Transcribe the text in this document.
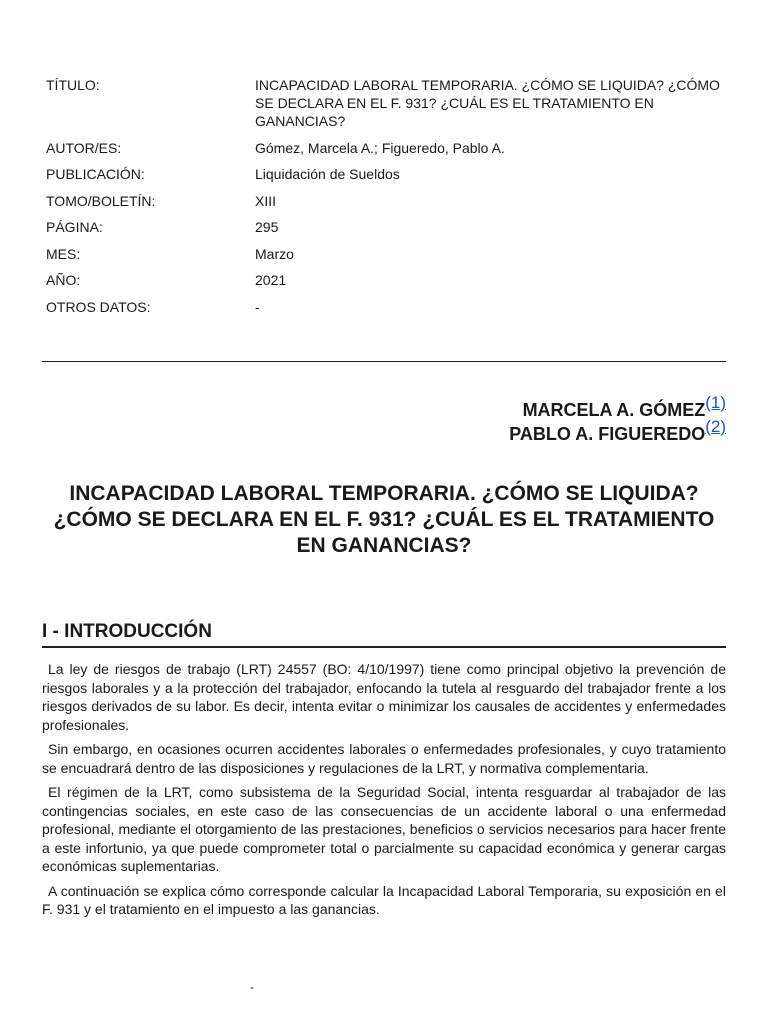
TÍTULO:	INCAPACIDAD LABORAL TEMPORARIA. ¿CÓMO SE LIQUIDA? ¿CÓMO SE DECLARA EN EL F. 931? ¿CUÁL ES EL TRATAMIENTO EN GANANCIAS?
AUTOR/ES:	Gómez, Marcela A.; Figueredo, Pablo A.
PUBLICACIÓN:	Liquidación de Sueldos
TOMO/BOLETÍN:	XIII
PÁGINA:	295
MES:	Marzo
AÑO:	2021
OTROS DATOS:	-
MARCELA A. GÓMEZ$^{(1)}$
PABLO A. FIGUEREDO$^{(2)}$
INCAPACIDAD LABORAL TEMPORARIA. ¿CÓMO SE LIQUIDA? ¿CÓMO SE DECLARA EN EL F. 931? ¿CUÁL ES EL TRATAMIENTO EN GANANCIAS?
I - INTRODUCCIÓN

La ley de riesgos de trabajo (LRT) 24557 (BO: 4/10/1997) tiene como principal objetivo la prevención de riesgos laborales y a la protección del trabajador, enfocando la tutela al resguardo del trabajador frente a los riesgos derivados de su labor. Es decir, intenta evitar o minimizar los causales de accidentes y enfermedades profesionales.

Sin embargo, en ocasiones ocurren accidentes laborales o enfermedades profesionales, y cuyo tratamiento se encuadrará dentro de las disposiciones y regulaciones de la LRT, y normativa complementaria.

El régimen de la LRT, como subsistema de la Seguridad Social, intenta resguardar al trabajador de las contingencias sociales, en este caso de las consecuencias de un accidente laboral o una enfermedad profesional, mediante el otorgamiento de las prestaciones, beneficios o servicios necesarios para hacer frente a este infortunio, ya que puede comprometer total o parcialmente su capacidad económica y generar cargas económicas suplementarias.

A continuación se explica cómo corresponde calcular la Incapacidad Laboral Temporaria, su exposición en el F. 931 y el tratamiento en el impuesto a las ganancias.

-
